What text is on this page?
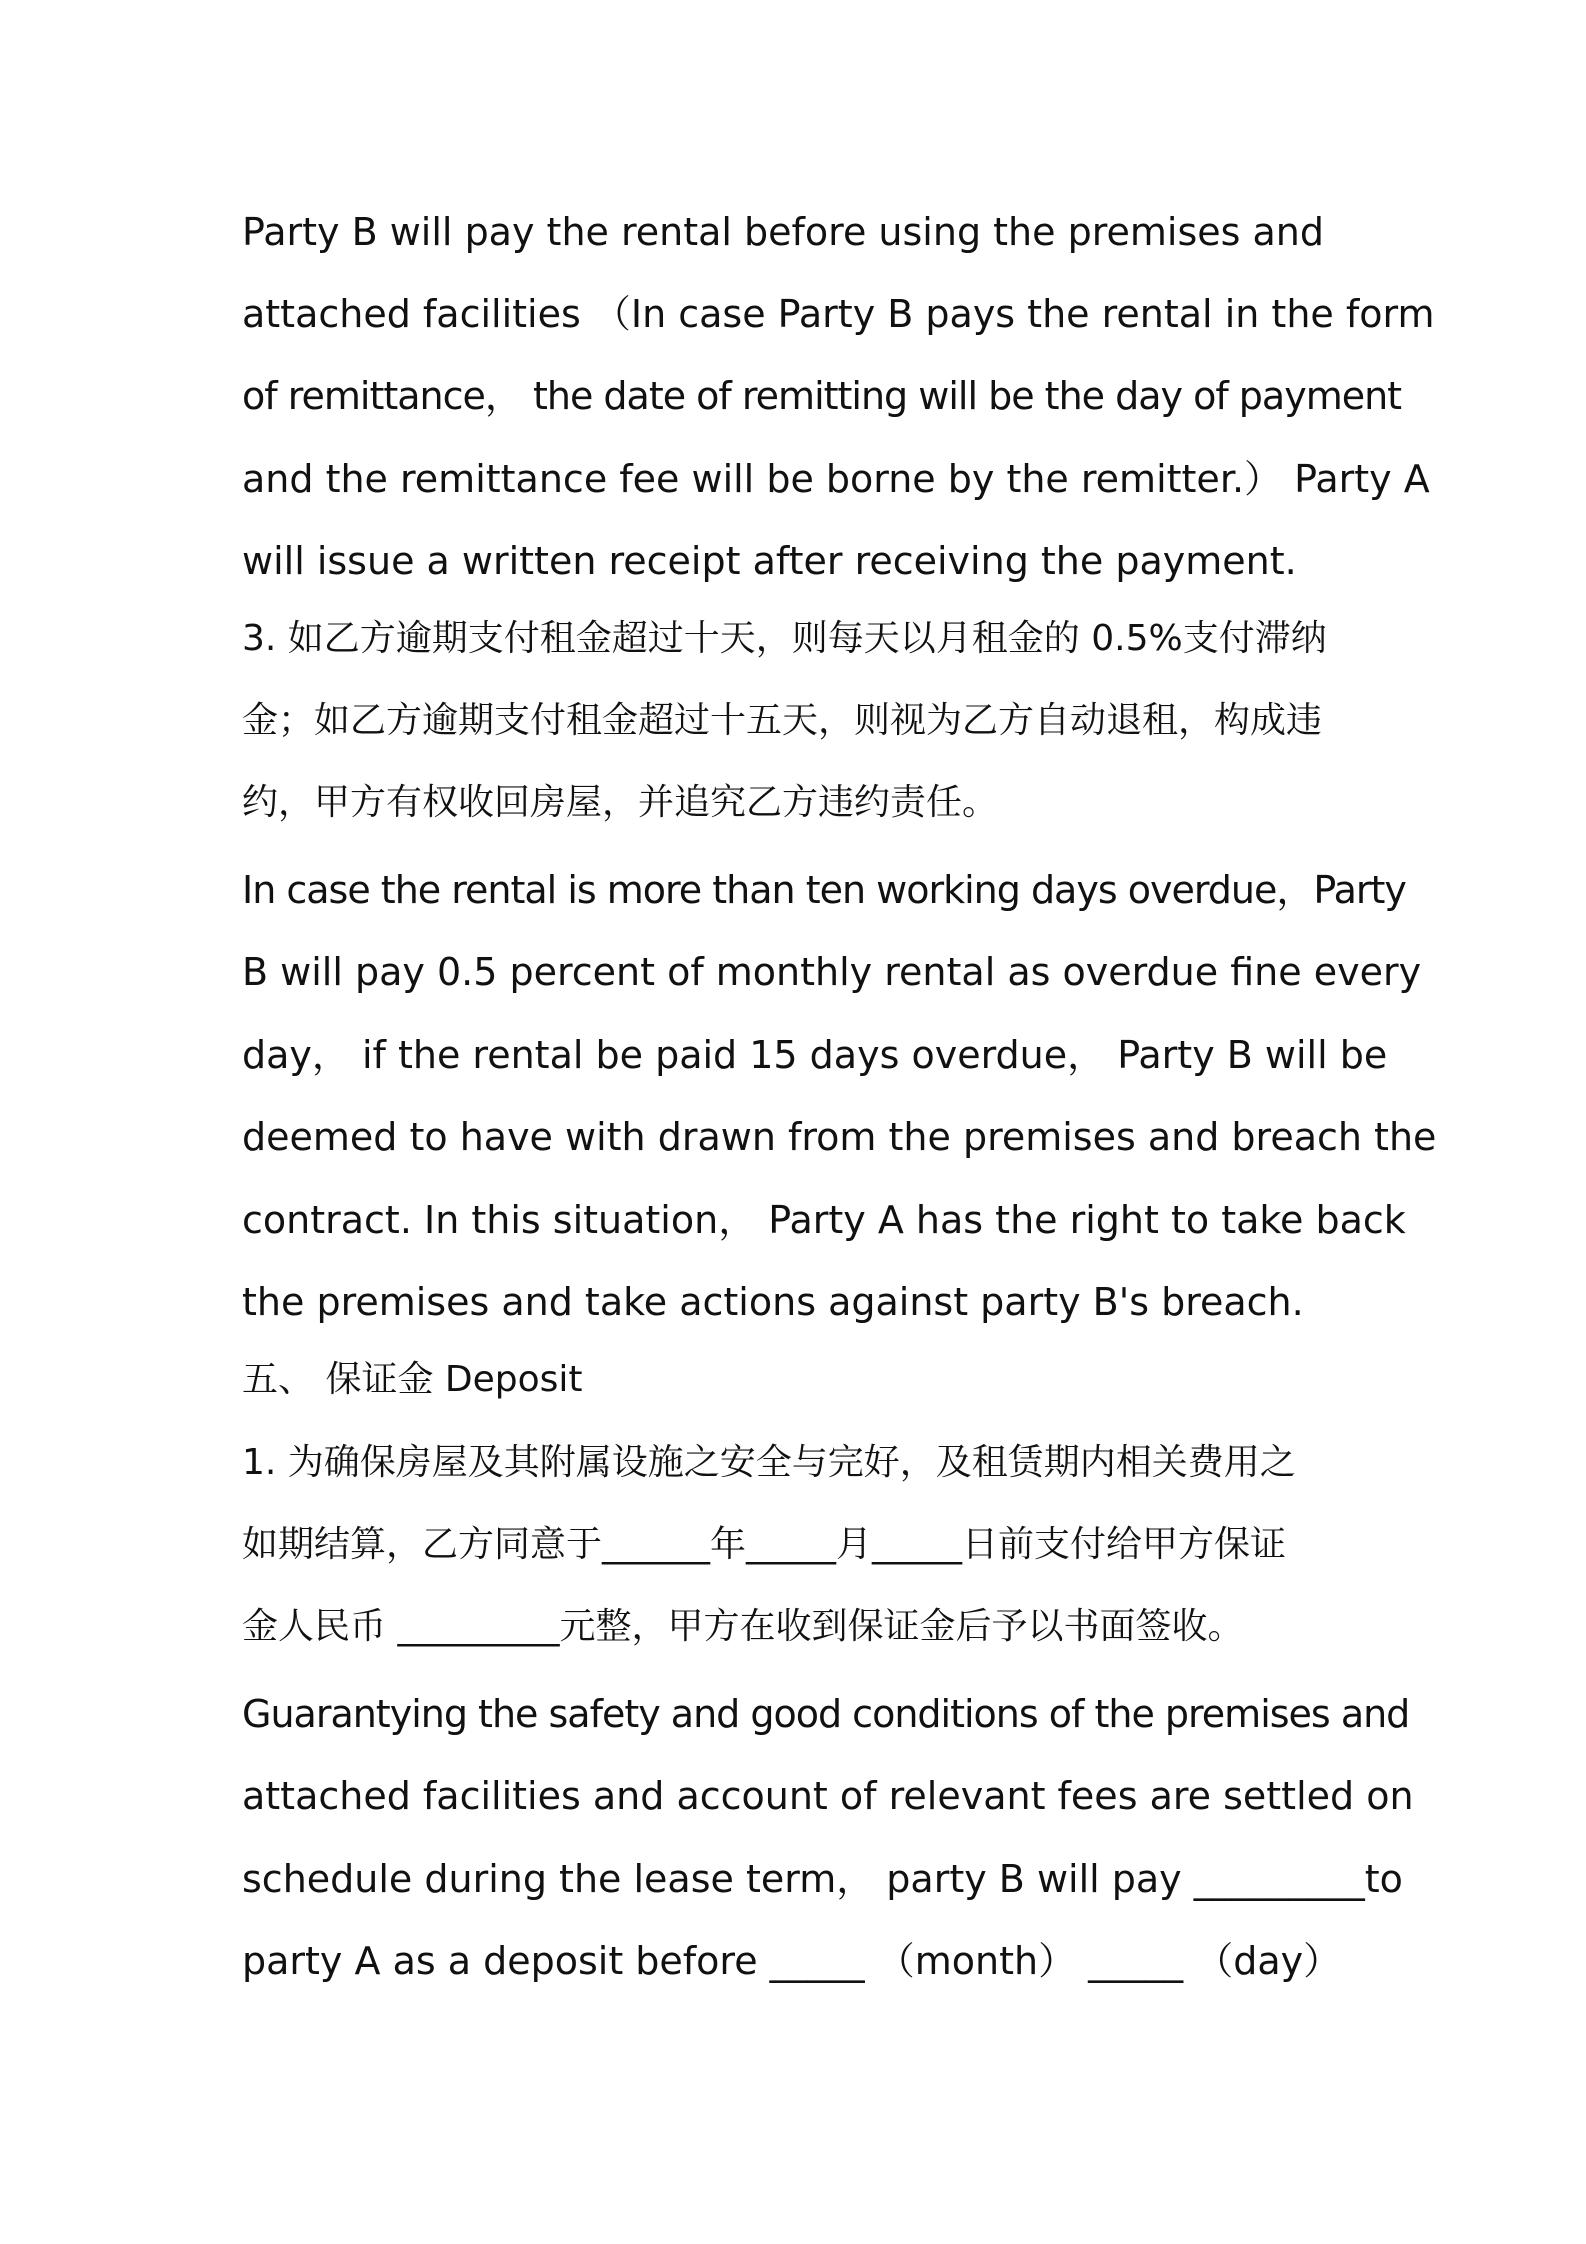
Party B will pay the rental before using the premises and
attached facilities （In case Party B pays the rental in the form
of remittance， the date of remitting will be the day of payment
and the remittance fee will be borne by the remitter.） Party A
will issue a written receipt after receiving the payment.
3. 如乙方逾期支付租金超过十天，则每天以月租金的 0.5%支付滞纳
金；如乙方逾期支付租金超过十五天，则视为乙方自动退租，构成违
约，甲方有权收回房屋，并追究乙方违约责任。
In case the rental is more than ten working days overdue，Party
B will pay 0.5 percent of monthly rental as overdue fine every
day， if the rental be paid 15 days overdue， Party B will be
deemed to have with drawn from the premises and breach the
contract. In this situation， Party A has the right to take back
the premises and take actions against party B's breach.
五、 保证金 Deposit
1. 为确保房屋及其附属设施之安全与完好，及租赁期内相关费用之
如期结算，乙方同意于______年_____月_____日前支付给甲方保证
金人民币 _________元整，甲方在收到保证金后予以书面签收。
Guarantying the safety and good conditions of the premises and
attached facilities and account of relevant fees are settled on
schedule during the lease term， party B will pay _________to
party A as a deposit before _____ （month） _____ （day）
